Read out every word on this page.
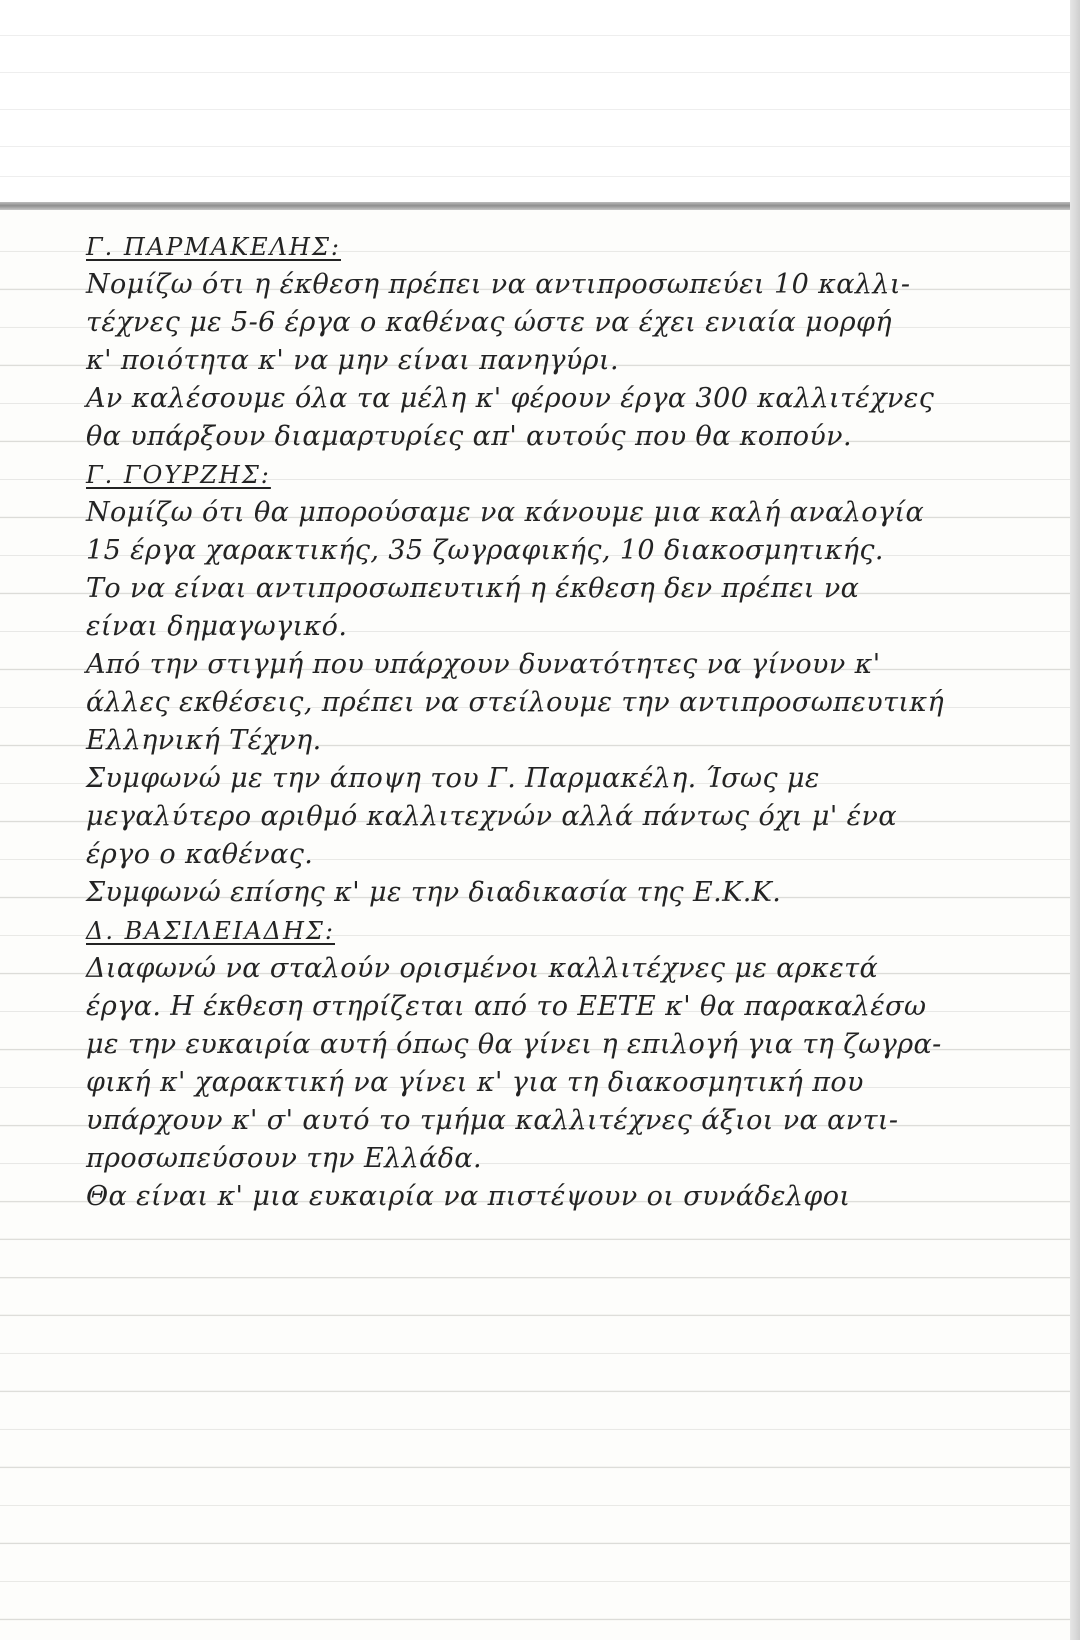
Γ. ΠΑΡΜΑΚΕΛΗΣ:
Νομίζω ότι η έκθεση πρέπει να αντιπροσωπεύει 10 καλλι-
τέχνες με 5-6 έργα ο καθένας ώστε να έχει ενιαία μορφή
κ' ποιότητα κ' να μην είναι πανηγύρι.
Αν καλέσουμε όλα τα μέλη κ' φέρουν έργα 300 καλλιτέχνες
θα υπάρξουν διαμαρτυρίες απ' αυτούς που θα κοπούν.
Γ. ΓΟΥΡΖΗΣ:
Νομίζω ότι θα μπορούσαμε να κάνουμε μια καλή αναλογία
15 έργα χαρακτικής, 35 ζωγραφικής, 10 διακοσμητικής.
Το να είναι αντιπροσωπευτική η έκθεση δεν πρέπει να
είναι δημαγωγικό.
Από την στιγμή που υπάρχουν δυνατότητες να γίνουν κ'
άλλες εκθέσεις, πρέπει να στείλουμε την αντιπροσωπευτική
Ελληνική Τέχνη.
Συμφωνώ με την άποψη του Γ. Παρμακέλη. Ίσως με
μεγαλύτερο αριθμό καλλιτεχνών αλλά πάντως όχι μ' ένα
έργο ο καθένας.
Συμφωνώ επίσης κ' με την διαδικασία της Ε.Κ.Κ.
Δ. ΒΑΣΙΛΕΙΑΔΗΣ:
Διαφωνώ να σταλούν ορισμένοι καλλιτέχνες με αρκετά
έργα. Η έκθεση στηρίζεται από το ΕΕΤΕ κ' θα παρακαλέσω
με την ευκαιρία αυτή όπως θα γίνει η επιλογή για τη ζωγρα-
φική κ' χαρακτική να γίνει κ' για τη διακοσμητική που
υπάρχουν κ' σ' αυτό το τμήμα καλλιτέχνες άξιοι να αντι-
προσωπεύσουν την Ελλάδα.
Θα είναι κ' μια ευκαιρία να πιστέψουν οι συνάδελφοι
